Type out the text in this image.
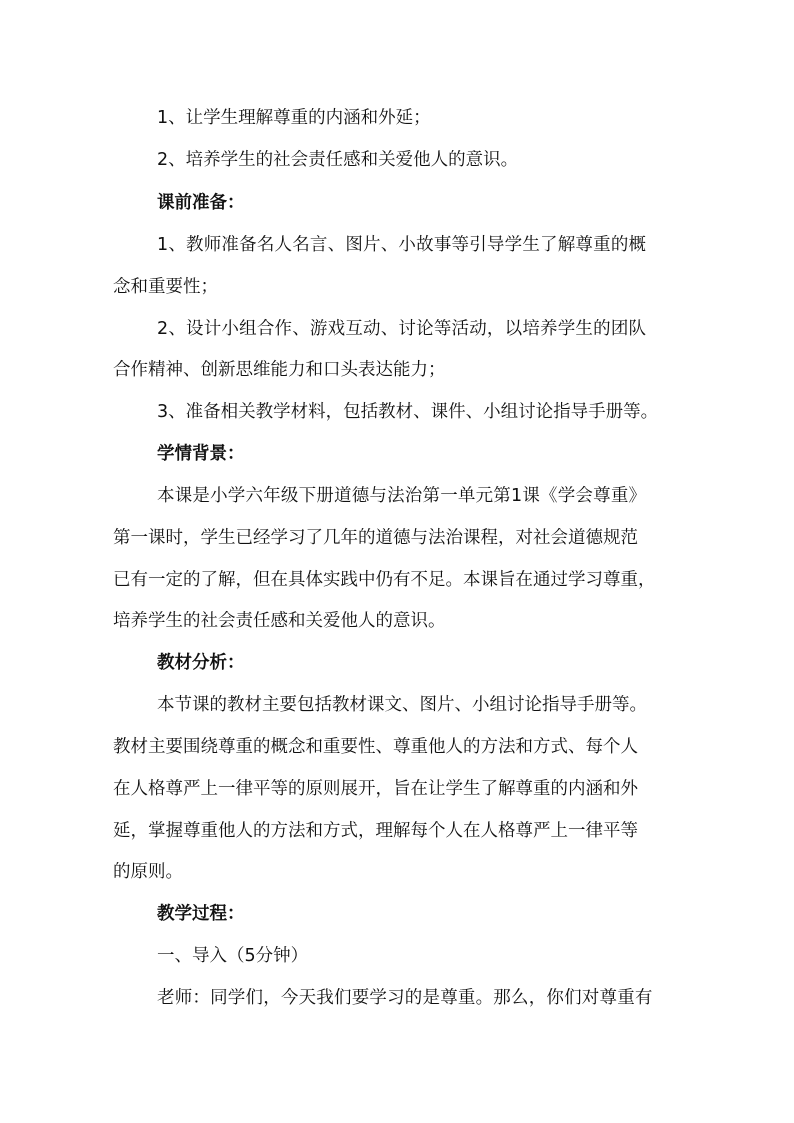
1、让学生理解尊重的内涵和外延；
2、培养学生的社会责任感和关爱他人的意识。
课前准备：
1、教师准备名人名言、图片、小故事等引导学生了解尊重的概
念和重要性；
2、设计小组合作、游戏互动、讨论等活动，以培养学生的团队
合作精神、创新思维能力和口头表达能力；
3、准备相关教学材料，包括教材、课件、小组讨论指导手册等。
学情背景：
本课是小学六年级下册道德与法治第一单元第1课《学会尊重》
第一课时，学生已经学习了几年的道德与法治课程，对社会道德规范
已有一定的了解，但在具体实践中仍有不足。本课旨在通过学习尊重，
培养学生的社会责任感和关爱他人的意识。
教材分析：
本节课的教材主要包括教材课文、图片、小组讨论指导手册等。
教材主要围绕尊重的概念和重要性、尊重他人的方法和方式、每个人
在人格尊严上一律平等的原则展开，旨在让学生了解尊重的内涵和外
延，掌握尊重他人的方法和方式，理解每个人在人格尊严上一律平等
的原则。
教学过程：
一、导入（5分钟）
老师：同学们，今天我们要学习的是尊重。那么，你们对尊重有
